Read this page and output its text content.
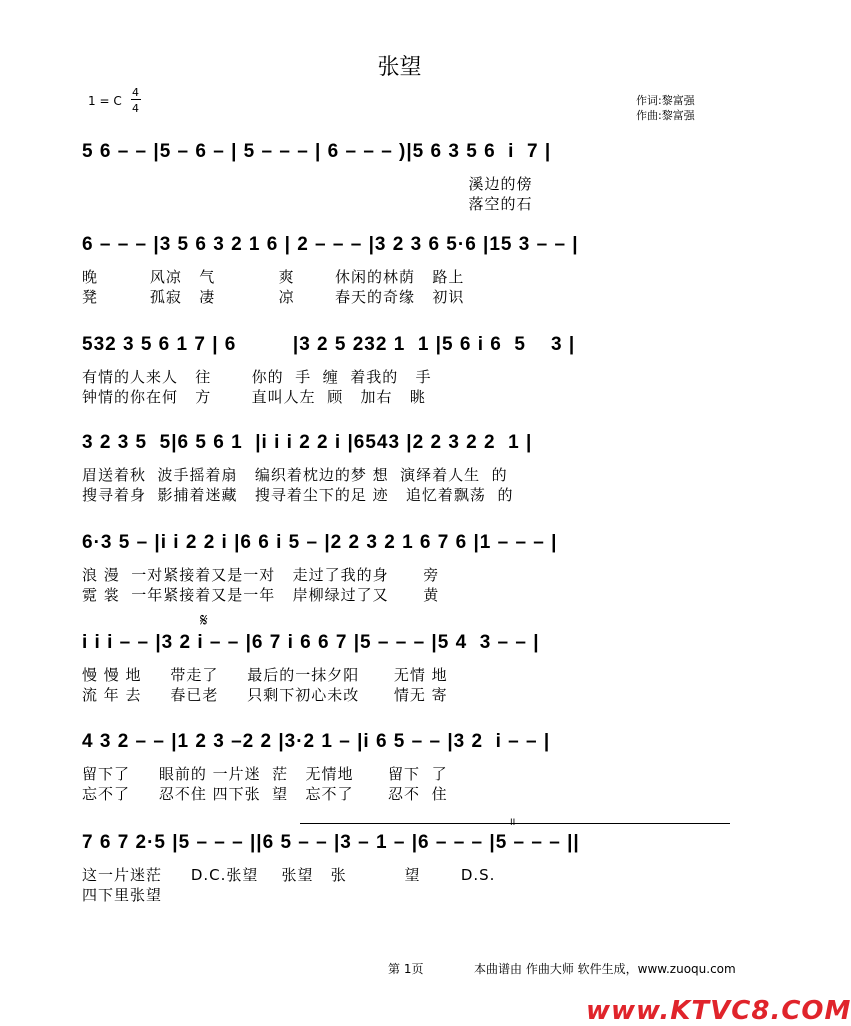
张望
1 = C
4
4
作词:黎富强
作曲:黎富强
5 6 – – |5 – 6 – | 5 – – – | 6 – – – )|5 6 3 5 6  i  7 |
溪边的傍
落空的石
6 – – – |3 5 6 3 2 1 6 | 2 – – – |3 2 3 6 5·6 |15 3 – – |
晚         风凉   气           爽       休闲的林荫   路上
凳         孤寂   凄           凉       春天的奇缘   初识
532 3 5 6 1 7 | 6         |3 2 5 232 1  1 |5 6 i 6  5    3 |
有情的人来人   往       你的  手  缠  着我的   手
钟情的你在何   方       直叫人左  顾   加右   眺
3 2 3 5  5|6 5 6 1  |i i i 2 2 i |6543 |2 2 3 2 2  1 |
眉送着秋  波手摇着扇   编织着枕边的梦 想  演绎着人生  的
搜寻着身  影捕着迷藏   搜寻着尘下的足 迹   追忆着飘荡  的
6·3 5 – |i i 2 2 i |6 6 i 5 – |2 2 3 2 1 6 7 6 |1 – – – |
浪 漫  一对紧接着又是一对   走过了我的身      旁
霓 裳  一年紧接着又是一年   岸柳绿过了又      黄
𝄋
i i i – – |3 2 i – – |6 7 i 6 6 7 |5 – – – |5 4  3 – – |
慢 慢 地     带走了     最后的一抹夕阳      无情 地
流 年 去     春已老     只剩下初心未改      情无 寄
4 3 2 – – |1 2 3 –2 2 |3·2 1 – |i 6 5 – – |3 2  i – – |
留下了     眼前的 一片迷  茫   无情地      留下  了
忘不了     忍不住 四下张  望   忘不了      忍不  住
7 6 7 2·5 |5 – – – ||6 5 – – |3 – 1 – |6 – – – |5 – – – ||
这一片迷茫     D.C.张望    张望   张          望       D.S.
四下里张望
第 1页	本曲谱由 作曲大师 软件生成，www.zuoqu.com
www.KTVC8.COM
